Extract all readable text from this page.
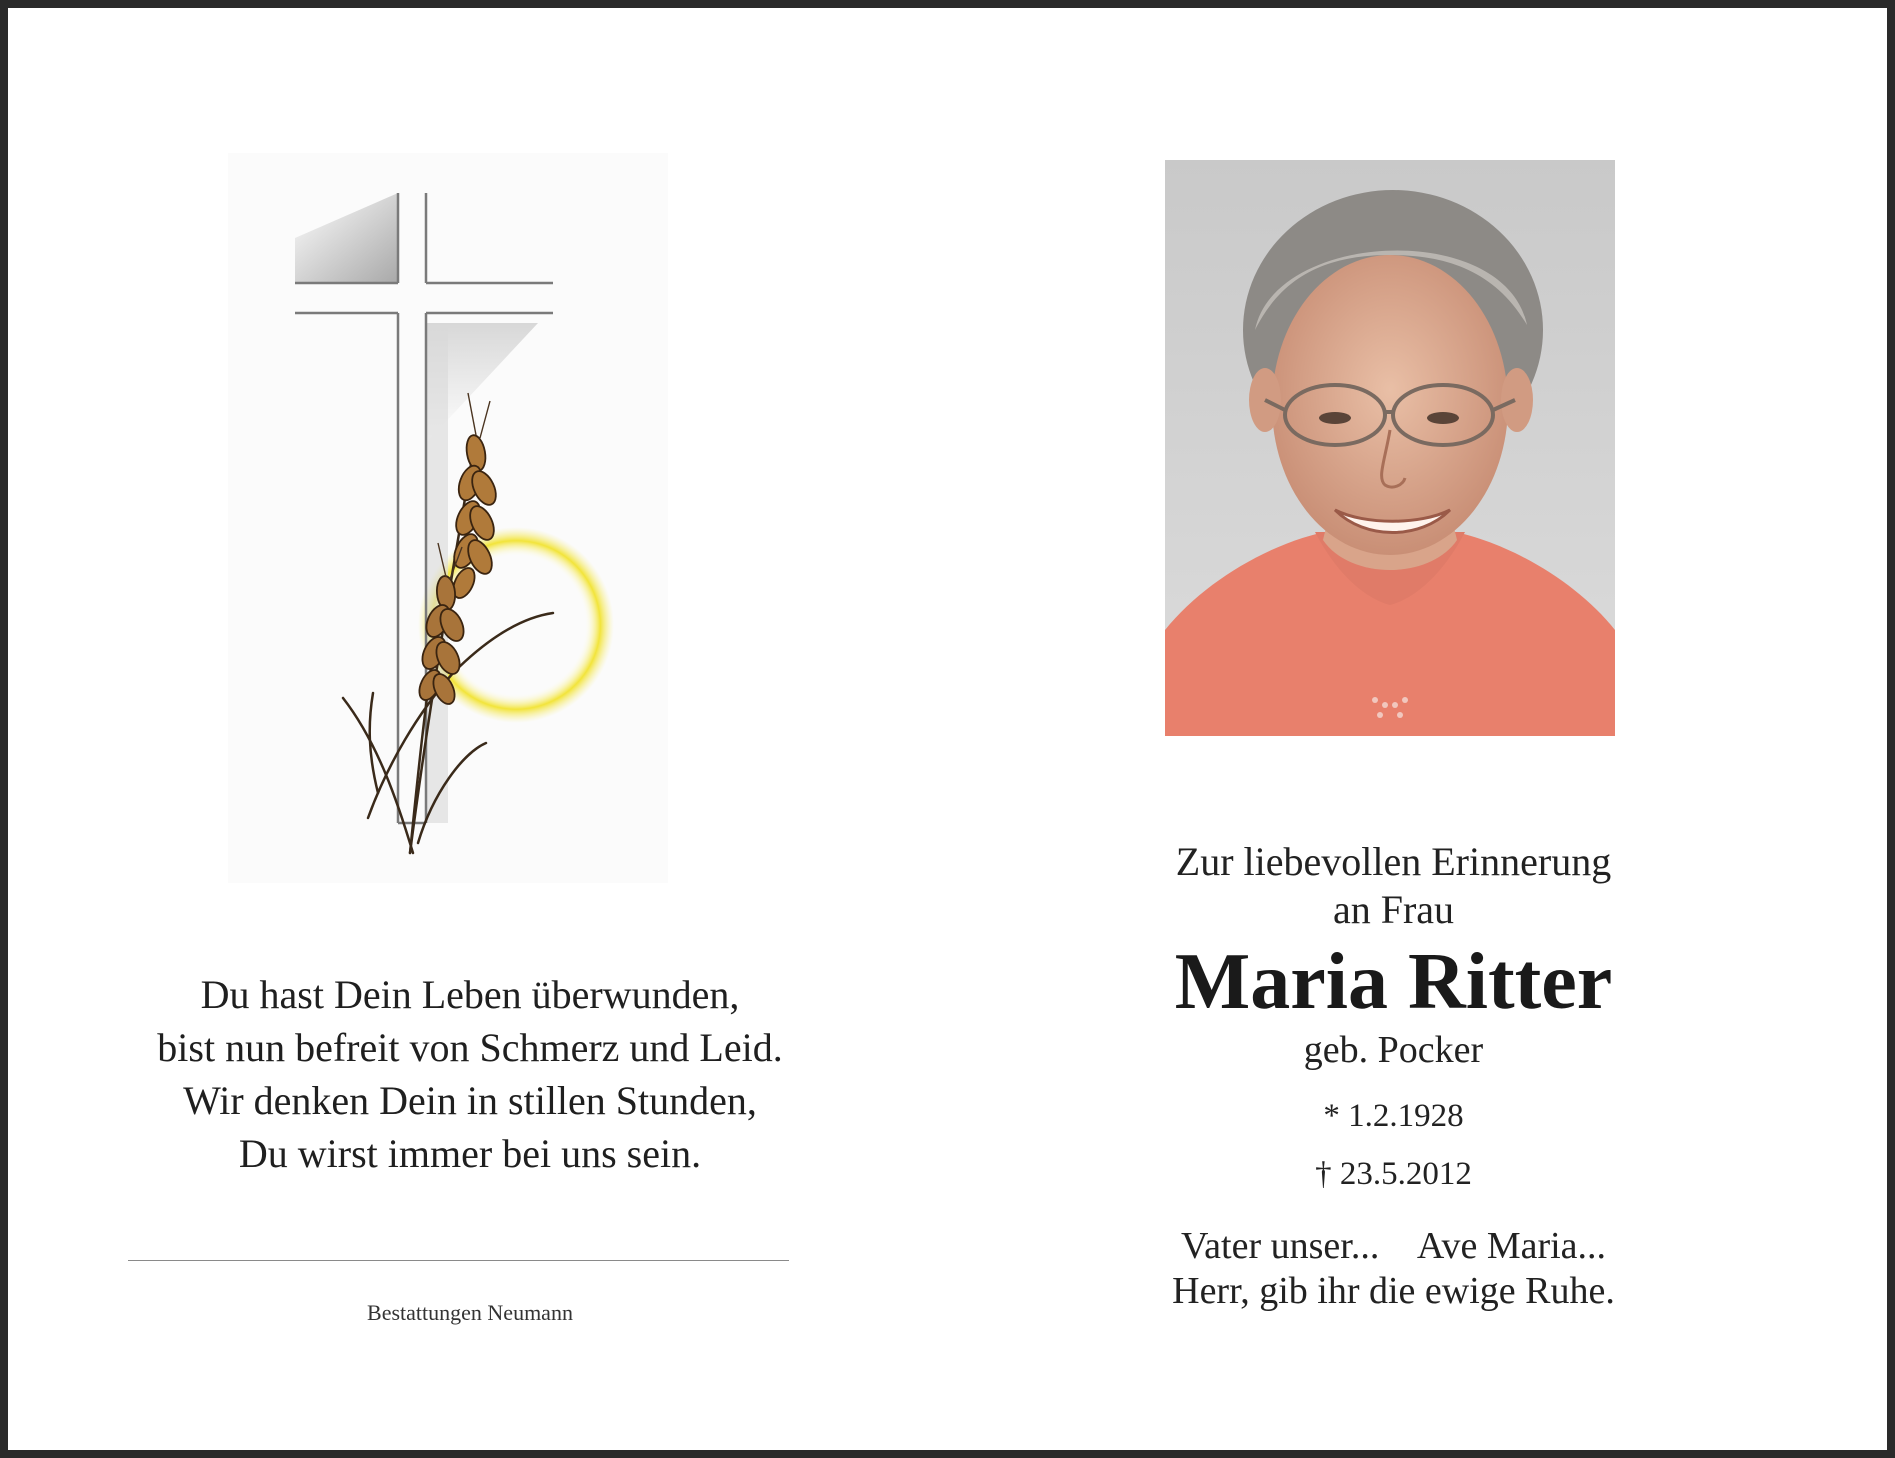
Du hast Dein Leben überwunden,
bist nun befreit von Schmerz und Leid.
Wir denken Dein in stillen Stunden,
Du wirst immer bei uns sein.
Bestattungen Neumann
Zur liebevollen Erinnerung
an Frau
Maria Ritter
geb. Pocker
* 1.2.1928
† 23.5.2012
Vater unser... Ave Maria...
Herr, gib ihr die ewige Ruhe.
